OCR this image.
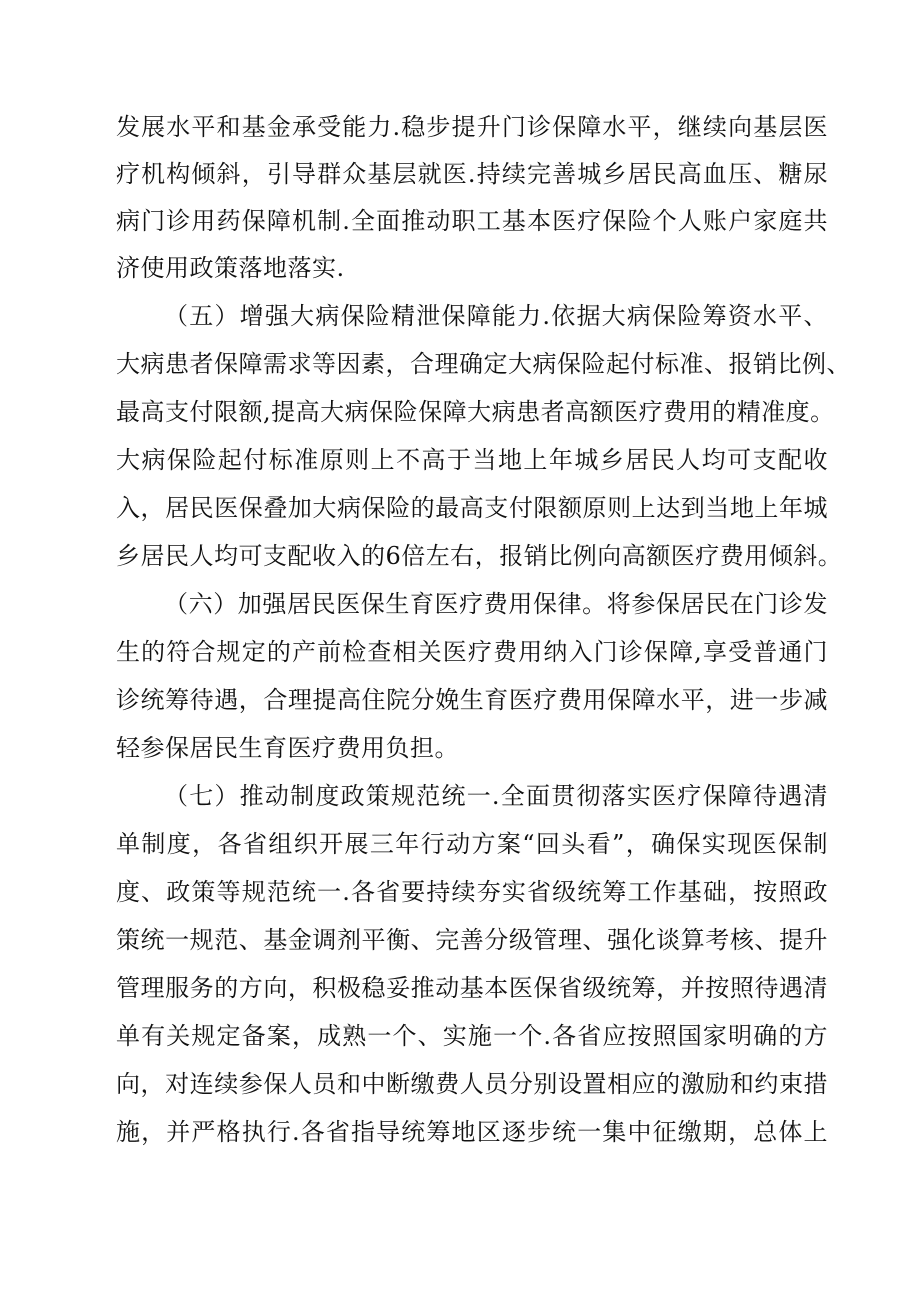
发展水平和基金承受能力.稳步提升门诊保障水平，继续向基层医
疗机构倾斜，引导群众基层就医.持续完善城乡居民高血压、糖尿
病门诊用药保障机制.全面推动职工基本医疗保险个人账户家庭共
济使用政策落地落实.
（五）增强大病保险精泄保障能力.依据大病保险筹资水平、
大病患者保障需求等因素，合理确定大病保险起付标准、报销比例、
最高支付限额,提高大病保险保障大病患者高额医疗费用的精准度。
大病保险起付标准原则上不高于当地上年城乡居民人均可支配收
入，居民医保叠加大病保险的最高支付限额原则上达到当地上年城
乡居民人均可支配收入的6倍左右，报销比例向高额医疗费用倾斜。
（六）加强居民医保生育医疗费用保律。将参保居民在门诊发
生的符合规定的产前检查相关医疗费用纳入门诊保障,享受普通门
诊统筹待遇，合理提高住院分娩生育医疗费用保障水平，进一步减
轻参保居民生育医疗费用负担。
（七）推动制度政策规范统一.全面贯彻落实医疗保障待遇清
单制度，各省组织开展三年行动方案“回头看”，确保实现医保制
度、政策等规范统一.各省要持续夯实省级统筹工作基础，按照政
策统一规范、基金调剂平衡、完善分级管理、强化谈算考核、提升
管理服务的方向，积极稳妥推动基本医保省级统筹，并按照待遇清
单有关规定备案，成熟一个、实施一个.各省应按照国家明确的方
向，对连续参保人员和中断缴费人员分别设置相应的激励和约束措
施，并严格执行.各省指导统筹地区逐步统一集中征缴期，总体上
